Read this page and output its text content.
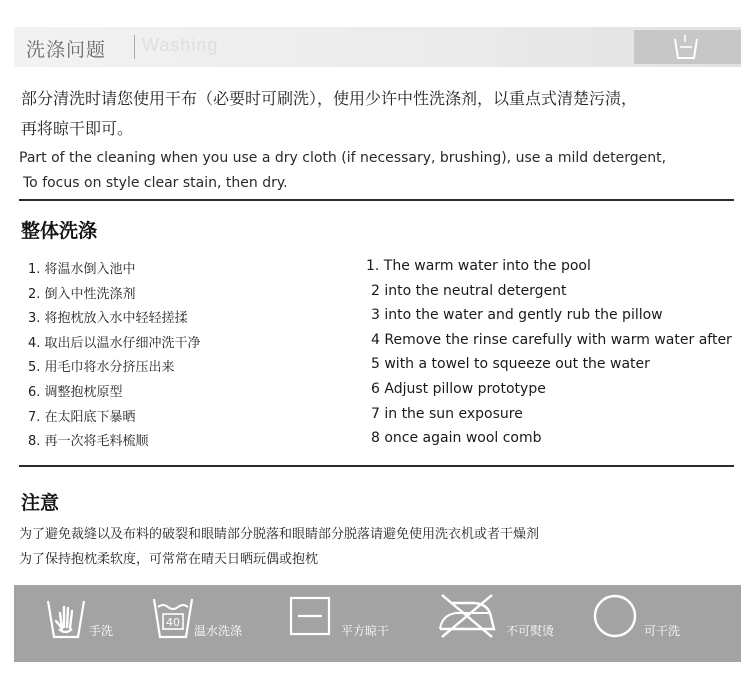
洗涤问题 Washing
部分清洗时请您使用干布（必要时可刷洗），使用少许中性洗涤剂，以重点式清楚污渍，
再将晾干即可。
Part of the cleaning when you use a dry cloth (if necessary, brushing), use a mild detergent,
To focus on style clear stain, then dry.
整体洗涤
1. 将温水倒入池中
2. 倒入中性洗涤剂
3. 将抱枕放入水中轻轻搓揉
4. 取出后以温水仔细冲洗干净
5. 用毛巾将水分挤压出来
6. 调整抱枕原型
7. 在太阳底下暴晒
8. 再一次将毛料梳顺
1. The warm water into the pool
2 into the neutral detergent
3 into the water and gently rub the pillow
4 Remove the rinse carefully with warm water after
5 with a towel to squeeze out the water
6 Adjust pillow prototype
7 in the sun exposure
8 once again wool comb
注意
为了避免裁缝以及布料的破裂和眼睛部分脱落和眼睛部分脱落请避免使用洗衣机或者干燥剂
为了保持抱枕柔软度，可常常在晴天日晒玩偶或抱枕
手洗
40
温水洗涤	平方晾干	不可熨烫	可干洗
